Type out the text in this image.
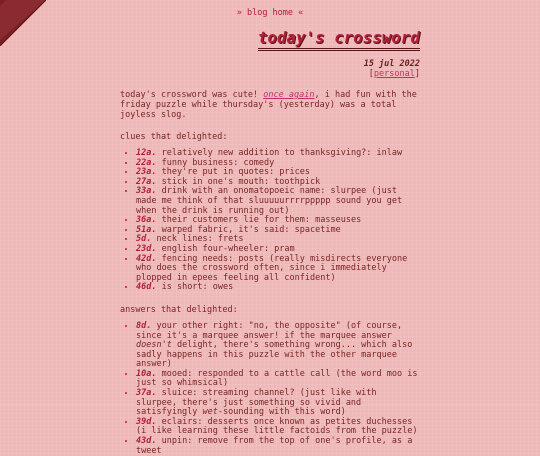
» blog home «
today's crossword
15 jul 2022
[personal]
today's crossword was cute! once again, i had fun with the friday puzzle while thursday's (yesterday) was a total joyless slog.
clues that delighted:
• 12a. relatively new addition to thanksgiving?: inlaw
• 22a. funny business: comedy
• 23a. they're put in quotes: prices
• 27a. stick in one's mouth: toothpick
• 33a. drink with an onomatopoeic name: slurpee (just made me think of that sluuuuurrrrppppp sound you get when the drink is running out)
• 36a. their customers lie for them: masseuses
• 51a. warped fabric, it's said: spacetime
• 5d. neck lines: frets
• 23d. english four-wheeler: pram
• 42d. fencing needs: posts (really misdirects everyone who does the crossword often, since i immediately plopped in epees feeling all confident)
• 46d. is short: owes
answers that delighted:
• 8d. your other right: "no, the opposite" (of course, since it's a marquee answer! if the marquee answer doesn't delight, there's something wrong... which also sadly happens in this puzzle with the other marquee answer)
• 10a. mooed: responded to a cattle call (the word moo is just so whimsical)
• 37a. sluice: streaming channel? (just like with slurpee, there's just something so vivid and satisfyingly wet-sounding with this word)
• 39d. eclairs: desserts once known as petites duchesses (i like learning these little factoids from the puzzle)
• 43d. unpin: remove from the top of one's profile, as a tweet
